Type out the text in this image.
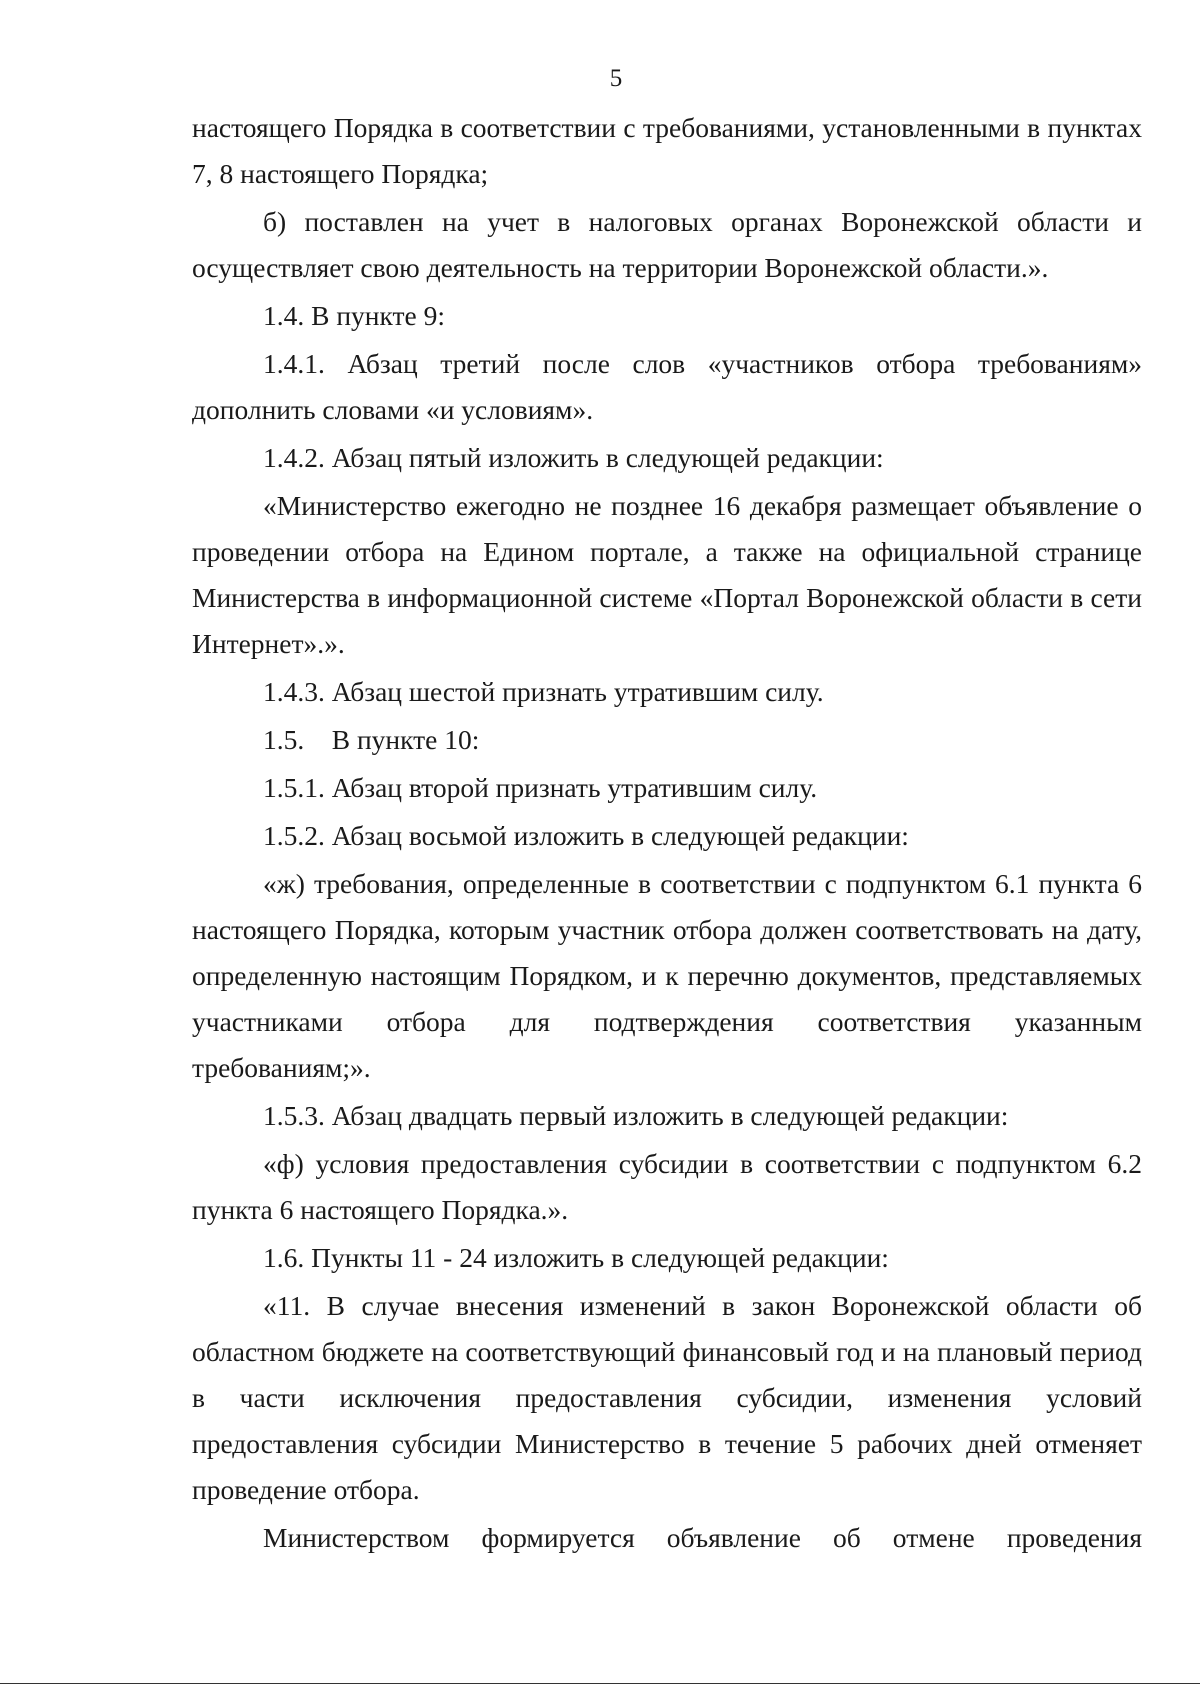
5

настоящего Порядка в соответствии с требованиями, установленными в пунктах 7, 8 настоящего Порядка;

б) поставлен на учет в налоговых органах Воронежской области и осуществляет свою деятельность на территории Воронежской области.».

1.4. В пункте 9:

1.4.1. Абзац третий после слов «участников отбора требованиям» дополнить словами «и условиям».

1.4.2. Абзац пятый изложить в следующей редакции:

«Министерство ежегодно не позднее 16 декабря размещает объявление о проведении отбора на Едином портале, а также на официальной странице Министерства в информационной системе «Портал Воронежской области в сети Интернет».».

1.4.3. Абзац шестой признать утратившим силу.

1.5.    В пункте 10:

1.5.1. Абзац второй признать утратившим силу.

1.5.2. Абзац восьмой изложить в следующей редакции:

«ж) требования, определенные в соответствии с подпунктом 6.1 пункта 6 настоящего Порядка, которым участник отбора должен соответствовать на дату, определенную настоящим Порядком, и к перечню документов, представляемых участниками отбора для подтверждения соответствия указанным требованиям;».

1.5.3. Абзац двадцать первый изложить в следующей редакции:

«ф) условия предоставления субсидии в соответствии с подпунктом 6.2 пункта 6 настоящего Порядка.».

1.6. Пункты 11 - 24 изложить в следующей редакции:

«11. В случае внесения изменений в закон Воронежской области об областном бюджете на соответствующий финансовый год и на плановый период в части исключения предоставления субсидии, изменения условий предоставления субсидии Министерство в течение 5 рабочих дней отменяет проведение отбора.

Министерством формируется объявление об отмене проведения
